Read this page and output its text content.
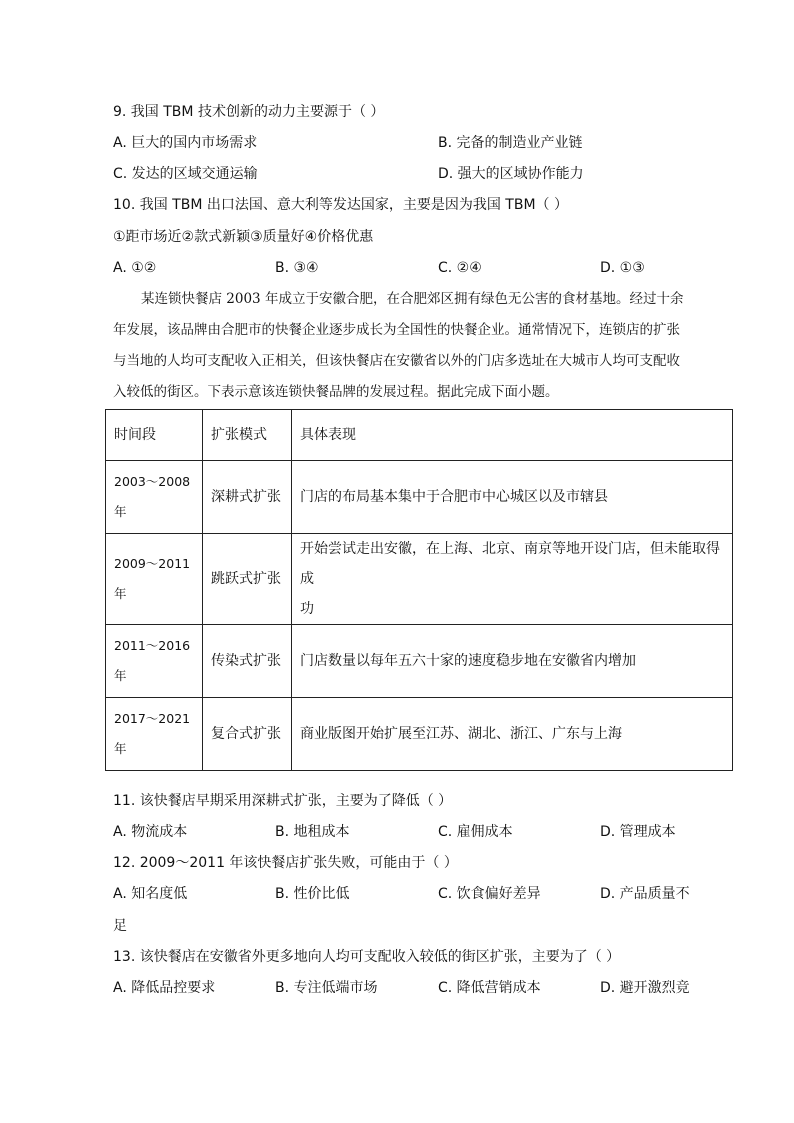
9. 我国 TBM 技术创新的动力主要源于（ ）
A. 巨大的国内市场需求	B. 完备的制造业产业链
C. 发达的区域交通运输	D. 强大的区域协作能力
10. 我国 TBM 出口法国、意大利等发达国家，主要是因为我国 TBM（ ）
①距市场近②款式新颖③质量好④价格优惠
A. ①②	B. ③④	C. ②④	D. ①③
某连锁快餐店 2003 年成立于安徽合肥，在合肥郊区拥有绿色无公害的食材基地。经过十余
年发展，该品牌由合肥市的快餐企业逐步成长为全国性的快餐企业。通常情况下，连锁店的扩张
与当地的人均可支配收入正相关，但该快餐店在安徽省以外的门店多选址在大城市人均可支配收
入较低的街区。下表示意该连锁快餐品牌的发展过程。据此完成下面小题。
时间段	扩张模式	具体表现
2003～2008
年	深耕式扩张	门店的布局基本集中于合肥市中心城区以及市辖县
2009～2011
年	跳跃式扩张	开始尝试走出安徽，在上海、北京、南京等地开设门店，但未能取得成
功
2011～2016
年	传染式扩张	门店数量以每年五六十家的速度稳步地在安徽省内增加
2017～2021
年	复合式扩张	商业版图开始扩展至江苏、湖北、浙江、广东与上海
11. 该快餐店早期采用深耕式扩张，主要为了降低（ ）
A. 物流成本	B. 地租成本	C. 雇佣成本	D. 管理成本
12. 2009～2011 年该快餐店扩张失败，可能由于（ ）
A. 知名度低	B. 性价比低	C. 饮食偏好差异	D. 产品质量不
足
13. 该快餐店在安徽省外更多地向人均可支配收入较低的街区扩张，主要为了（ ）
A. 降低品控要求	B. 专注低端市场	C. 降低营销成本	D. 避开激烈竞
